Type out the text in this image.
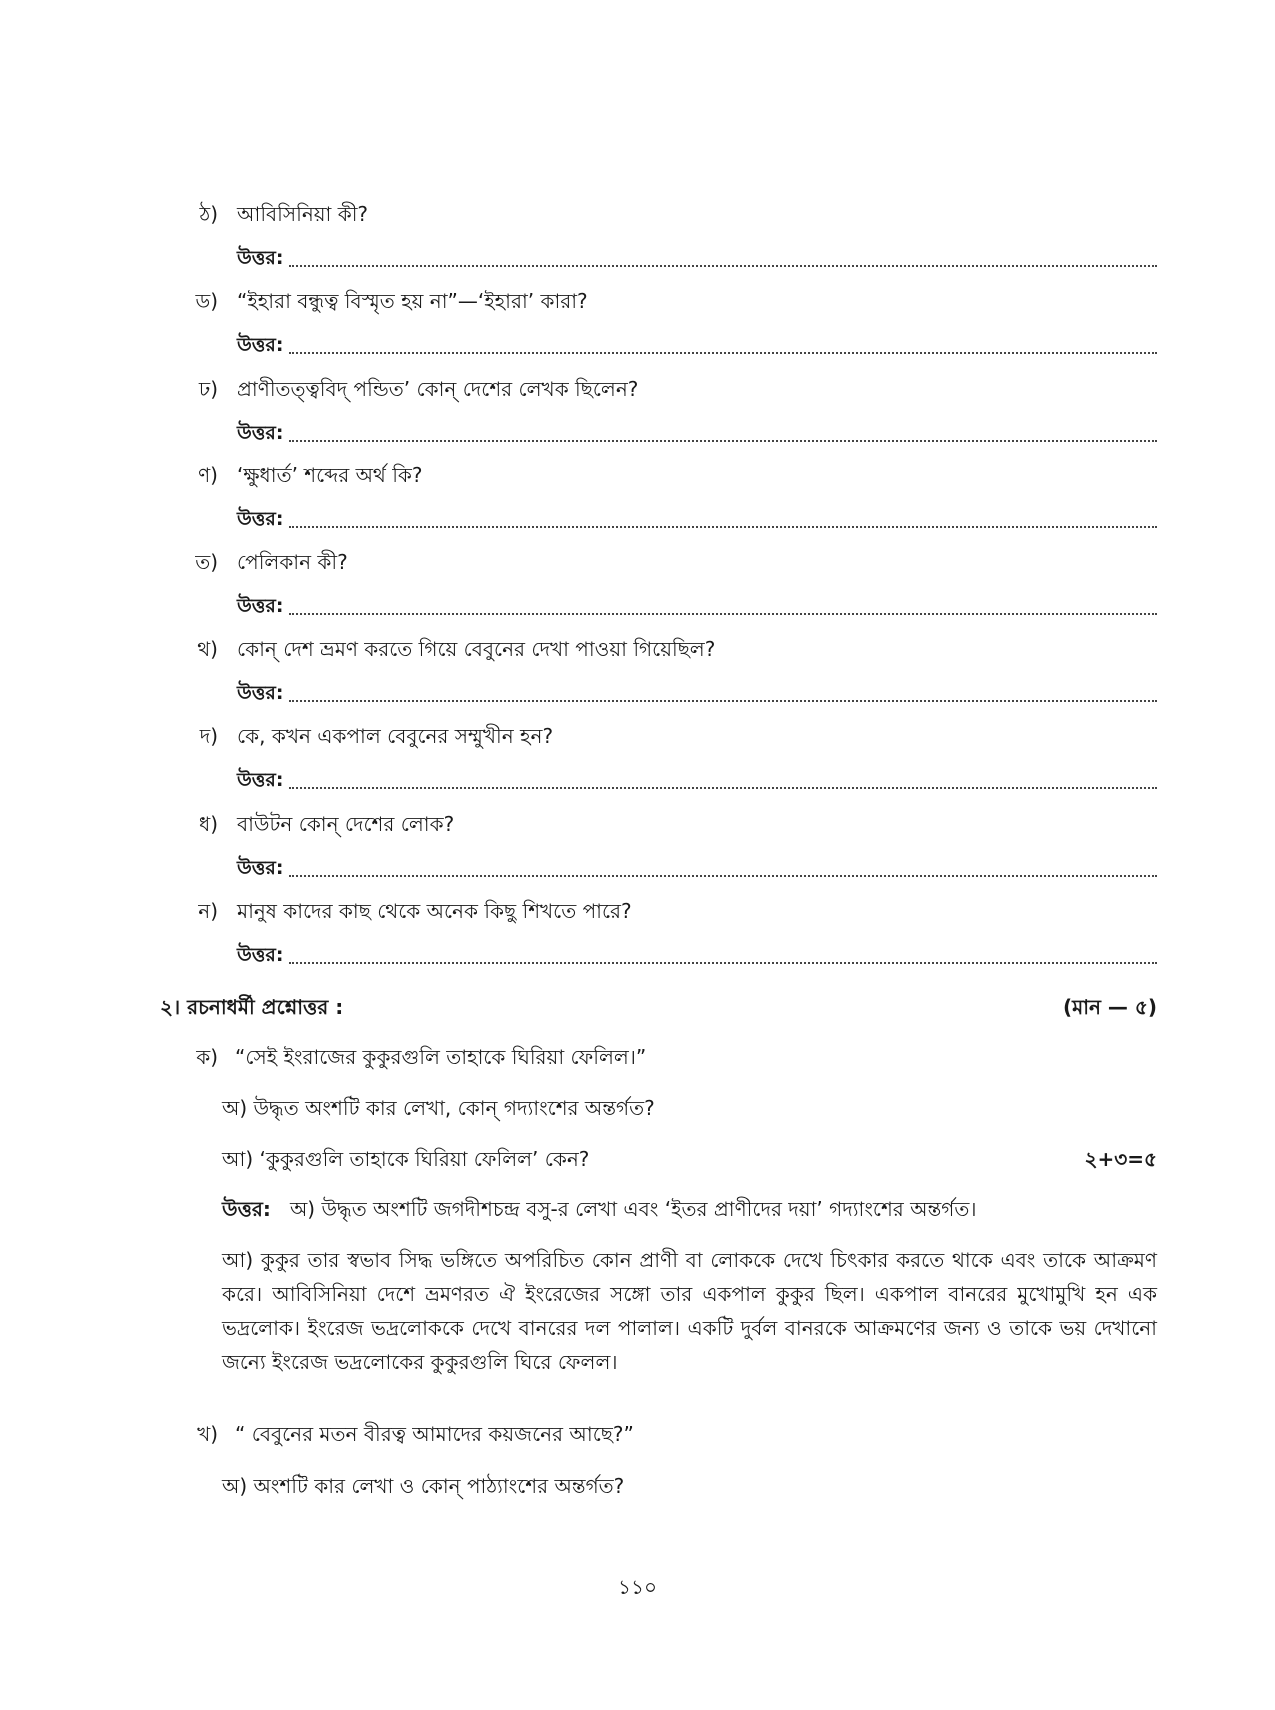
ঠ) আবিসিনিয়া কী?
উত্তর:
ড) “ইহারা বন্ধুত্ব বিস্মৃত হয় না”—‘ইহারা’ কারা?
উত্তর:
ঢ) প্রাণীতত্ত্ববিদ্ পন্ডিত’ কোন্ দেশের লেখক ছিলেন?
উত্তর:
ণ) ‘ক্ষুধার্ত’ শব্দের অর্থ কি?
উত্তর:
ত) পেলিকান কী?
উত্তর:
থ) কোন্ দেশ ভ্রমণ করতে গিয়ে বেবুনের দেখা পাওয়া গিয়েছিল?
উত্তর:
দ) কে, কখন একপাল বেবুনের সম্মুখীন হন?
উত্তর:
ধ) বাউটন কোন্ দেশের লোক?
উত্তর:
ন) মানুষ কাদের কাছ থেকে অনেক কিছু শিখতে পারে?
উত্তর:
২। রচনাধর্মী প্রশ্নোত্তর :	(মান — ৫)
ক) “সেই ইংরাজের কুকুরগুলি তাহাকে ঘিরিয়া ফেলিল।”
অ) উদ্ধৃত অংশটি কার লেখা, কোন্ গদ্যাংশের অন্তর্গত?
আ) ‘কুকুরগুলি তাহাকে ঘিরিয়া ফেলিল’ কেন?	২+৩=৫
উত্তর: অ) উদ্ধৃত অংশটি জগদীশচন্দ্র বসু-র লেখা এবং ‘ইতর প্রাণীদের দয়া’ গদ্যাংশের অন্তর্গত।
আ) কুকুর তার স্বভাব সিদ্ধ ভঙ্গিতে অপরিচিত কোন প্রাণী বা লোককে দেখে চিৎকার করতে থাকে এবং তাকে আক্রমণ করে। আবিসিনিয়া দেশে ভ্রমণরত ঐ ইংরেজের সঙ্গো তার একপাল কুকুর ছিল। একপাল বানরের মুখোমুখি হন এক ভদ্রলোক। ইংরেজ ভদ্রলোককে দেখে বানরের দল পালাল। একটি দুর্বল বানরকে আক্রমণের জন্য ও তাকে ভয় দেখানো জন্যে ইংরেজ ভদ্রলোকের কুকুরগুলি ঘিরে ফেলল।
খ) “ বেবুনের মতন বীরত্ব আমাদের কয়জনের আছে?”
অ) অংশটি কার লেখা ও কোন্ পাঠ্যাংশের অন্তর্গত?
১১০
